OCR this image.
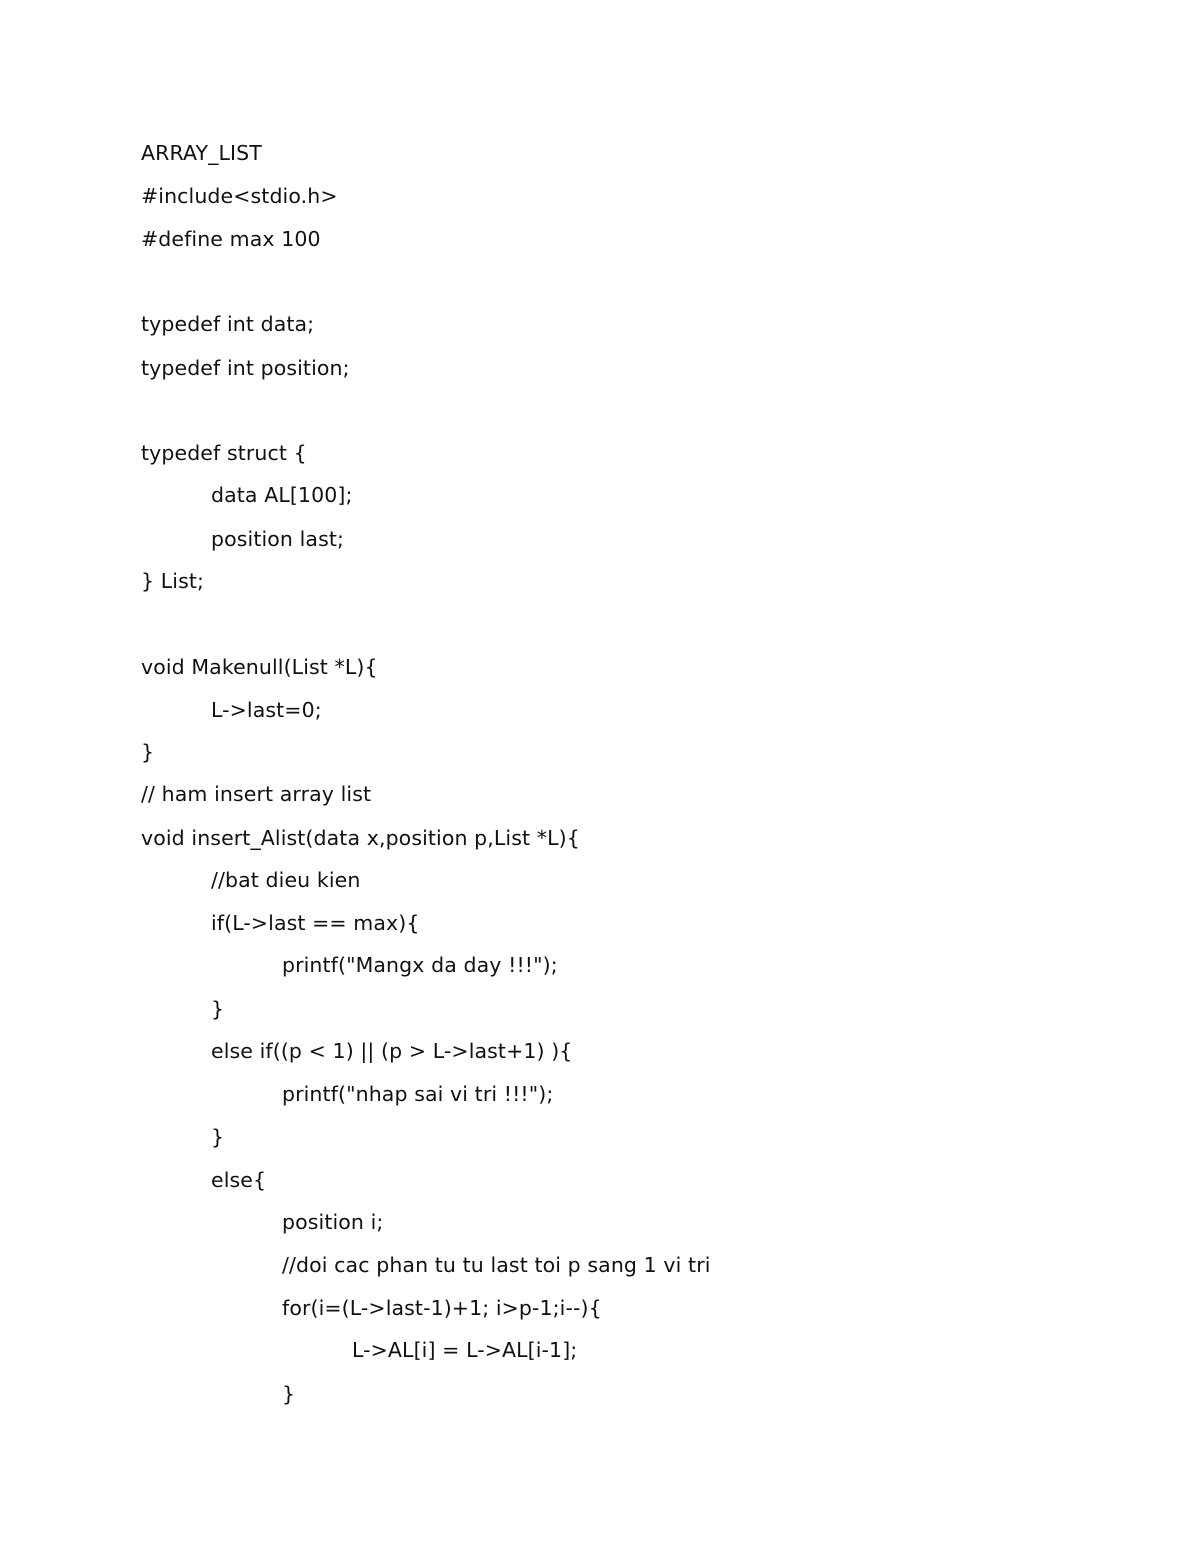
ARRAY_LIST
#include<stdio.h>
#define max 100
typedef int data;
typedef int position;
typedef struct {
data AL[100];
position last;
} List;
void Makenull(List *L){
L->last=0;
}
// ham insert array list
void insert_Alist(data x,position p,List *L){
//bat dieu kien
if(L->last == max){
printf("Mangx da day !!!");
}
else if((p < 1) || (p > L->last+1) ){
printf("nhap sai vi tri !!!");
}
else{
position i;
//doi cac phan tu tu last toi p sang 1 vi tri
for(i=(L->last-1)+1; i>p-1;i--){
L->AL[i] = L->AL[i-1];
}
